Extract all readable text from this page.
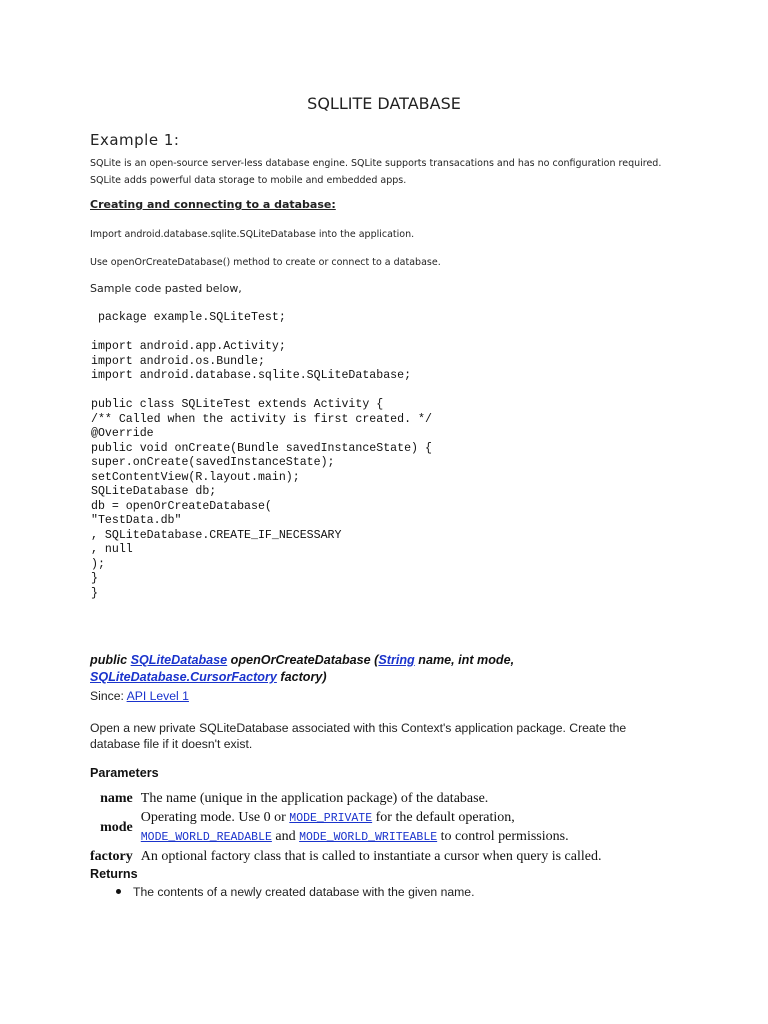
SQLLITE DATABASE
Example 1:

SQLite is an open-source server-less database engine. SQLite supports transacations and has no configuration required. SQLite adds powerful data storage to mobile and embedded apps.

Creating and connecting to a database:
Import android.database.sqlite.SQLiteDatabase into the application.
Use openOrCreateDatabase() method to create or connect to a database.
Sample code pasted below,
package example.SQLiteTest;

import android.app.Activity;
import android.os.Bundle;
import android.database.sqlite.SQLiteDatabase;

public class SQLiteTest extends Activity {
/** Called when the activity is first created. */
@Override
public void onCreate(Bundle savedInstanceState) {
super.onCreate(savedInstanceState);
setContentView(R.layout.main);
SQLiteDatabase db;
db = openOrCreateDatabase(
"TestData.db"
, SQLiteDatabase.CREATE_IF_NECESSARY
, null
);
}
}
public SQLiteDatabase openOrCreateDatabase (String name, int mode, SQLiteDatabase.CursorFactory factory)
Since: API Level 1

Open a new private SQLiteDatabase associated with this Context's application package. Create the database file if it doesn't exist.

Parameters
name	The name (unique in the application package) of the database.
mode	Operating mode. Use 0 or MODE_PRIVATE for the default operation,
MODE_WORLD_READABLE and MODE_WORLD_WRITEABLE to control permissions.
factory	An optional factory class that is called to instantiate a cursor when query is called.
Returns
The contents of a newly created database with the given name.
